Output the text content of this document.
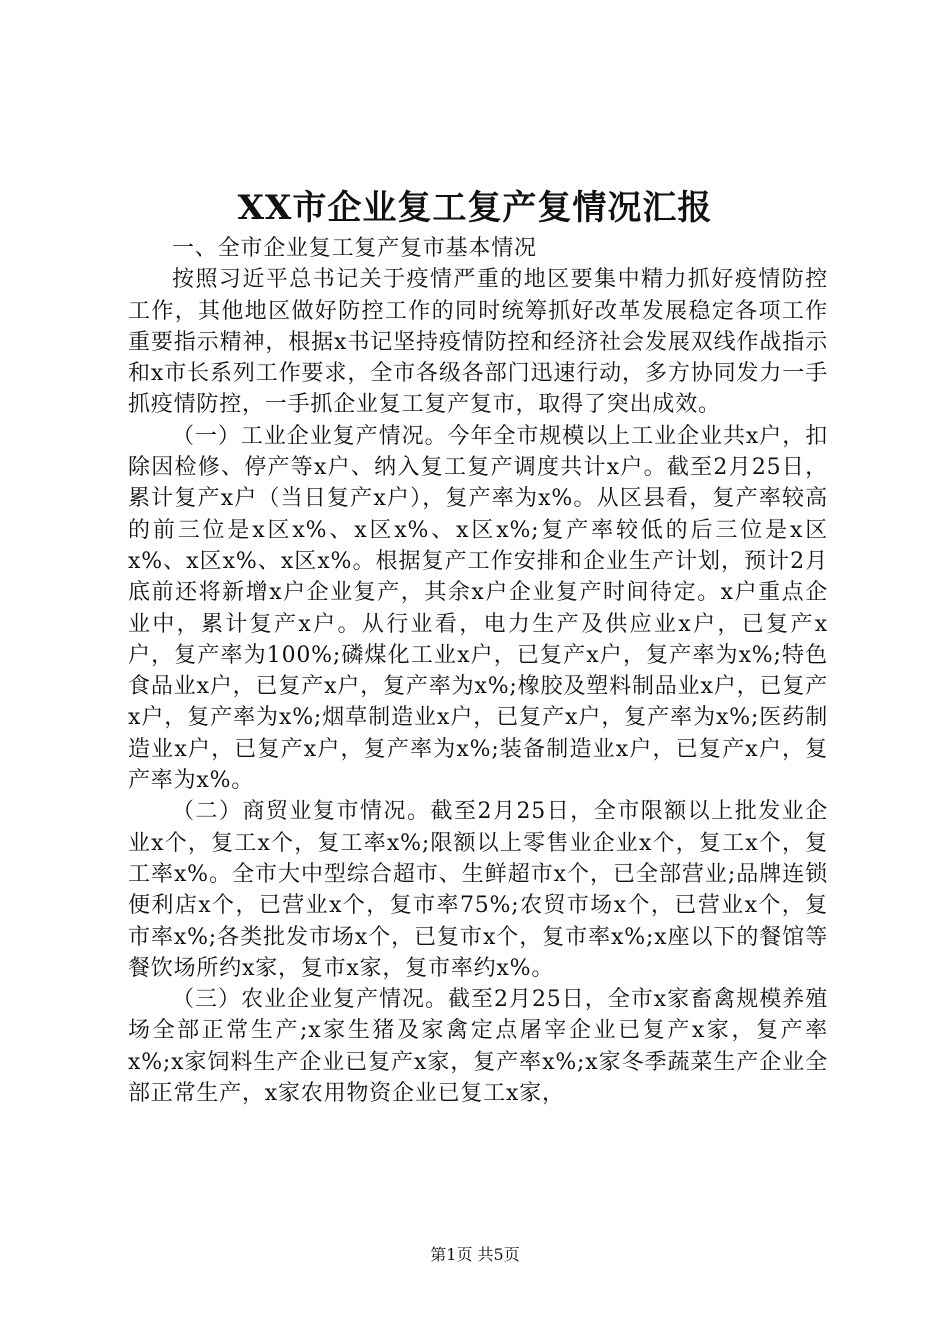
XX市企业复工复产复情况汇报

一、全市企业复工复产复市基本情况

按照习近平总书记关于疫情严重的地区要集中精力抓好疫情防控工作，其他地区做好防控工作的同时统筹抓好改革发展稳定各项工作重要指示精神，根据x书记坚持疫情防控和经济社会发展双线作战指示和x市长系列工作要求，全市各级各部门迅速行动，多方协同发力一手抓疫情防控，一手抓企业复工复产复市，取得了突出成效。

（一）工业企业复产情况。今年全市规模以上工业企业共x户，扣除因检修、停产等x户、纳入复工复产调度共计x户。截至2月25日，累计复产x户（当日复产x户），复产率为x%。从区县看，复产率较高的前三位是x区x%、x区x%、x区x%;复产率较低的后三位是x区x%、x区x%、x区x%。根据复产工作安排和企业生产计划，预计2月底前还将新增x户企业复产，其余x户企业复产时间待定。x户重点企业中，累计复产x户。从行业看，电力生产及供应业x户，已复产x户，复产率为100%;磷煤化工业x户，已复产x户，复产率为x%;特色食品业x户，已复产x户，复产率为x%;橡胶及塑料制品业x户，已复产x户，复产率为x%;烟草制造业x户，已复产x户，复产率为x%;医药制造业x户，已复产x户，复产率为x%;装备制造业x户，已复产x户，复产率为x%。

（二）商贸业复市情况。截至2月25日，全市限额以上批发业企业x个，复工x个，复工率x%;限额以上零售业企业x个，复工x个，复工率x%。全市大中型综合超市、生鲜超市x个，已全部营业;品牌连锁便利店x个，已营业x个，复市率75%;农贸市场x个，已营业x个，复市率x%;各类批发市场x个，已复市x个，复市率x%;x座以下的餐馆等餐饮场所约x家，复市x家，复市率约x%。

（三）农业企业复产情况。截至2月25日，全市x家畜禽规模养殖场全部正常生产;x家生猪及家禽定点屠宰企业已复产x家，复产率x%;x家饲料生产企业已复产x家，复产率x%;x家冬季蔬菜生产企业全部正常生产，x家农用物资企业已复工x家，

第1页 共5页
